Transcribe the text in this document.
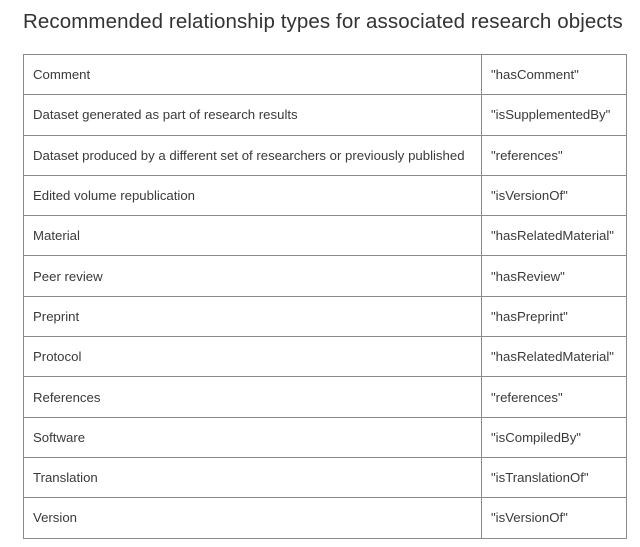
Recommended relationship types for associated research objects
Comment	"hasComment"
Dataset generated as part of research results	"isSupplementedBy"
Dataset produced by a different set of researchers or previously published	"references"
Edited volume republication	"isVersionOf"
Material	"hasRelatedMaterial"
Peer review	"hasReview"
Preprint	"hasPreprint"
Protocol	"hasRelatedMaterial"
References	"references"
Software	"isCompiledBy"
Translation	"isTranslationOf"
Version	"isVersionOf"
